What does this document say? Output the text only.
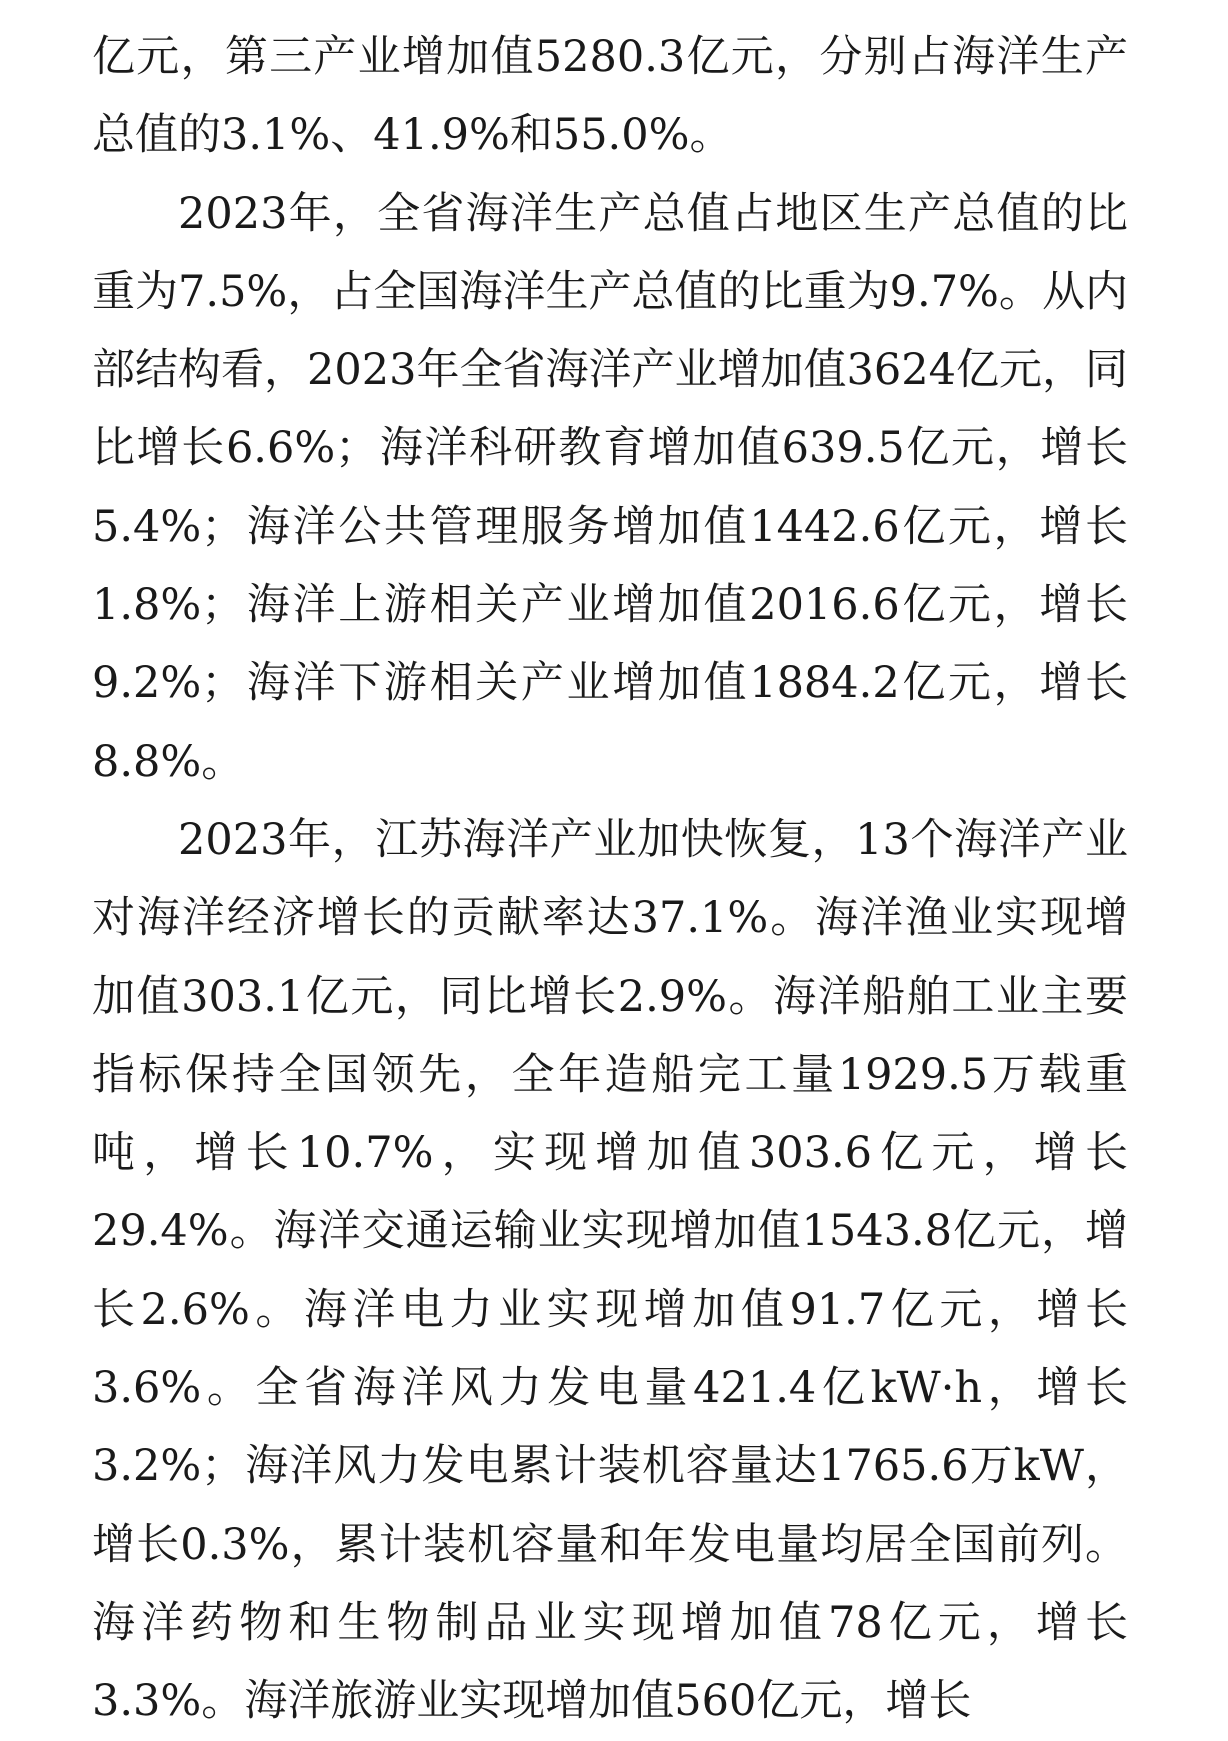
亿元，第三产业增加值5280.3亿元，分别占海洋生产总值的3.1%、41.9%和55.0%。

2023年，全省海洋生产总值占地区生产总值的比重为7.5%，占全国海洋生产总值的比重为9.7%。从内部结构看，2023年全省海洋产业增加值3624亿元，同比增长6.6%；海洋科研教育增加值639.5亿元，增长5.4%；海洋公共管理服务增加值1442.6亿元，增长1.8%；海洋上游相关产业增加值2016.6亿元，增长9.2%；海洋下游相关产业增加值1884.2亿元，增长8.8%。

2023年，江苏海洋产业加快恢复，13个海洋产业对海洋经济增长的贡献率达37.1%。海洋渔业实现增加值303.1亿元，同比增长2.9%。海洋船舶工业主要指标保持全国领先，全年造船完工量1929.5万载重吨，增长10.7%，实现增加值303.6亿元，增长29.4%。海洋交通运输业实现增加值1543.8亿元，增长2.6%。海洋电力业实现增加值91.7亿元，增长3.6%。全省海洋风力发电量421.4亿kW·h，增长3.2%；海洋风力发电累计装机容量达1765.6万kW，增长0.3%，累计装机容量和年发电量均居全国前列。海洋药物和生物制品业实现增加值78亿元，增长3.3%。海洋旅游业实现增加值560亿元，增长
